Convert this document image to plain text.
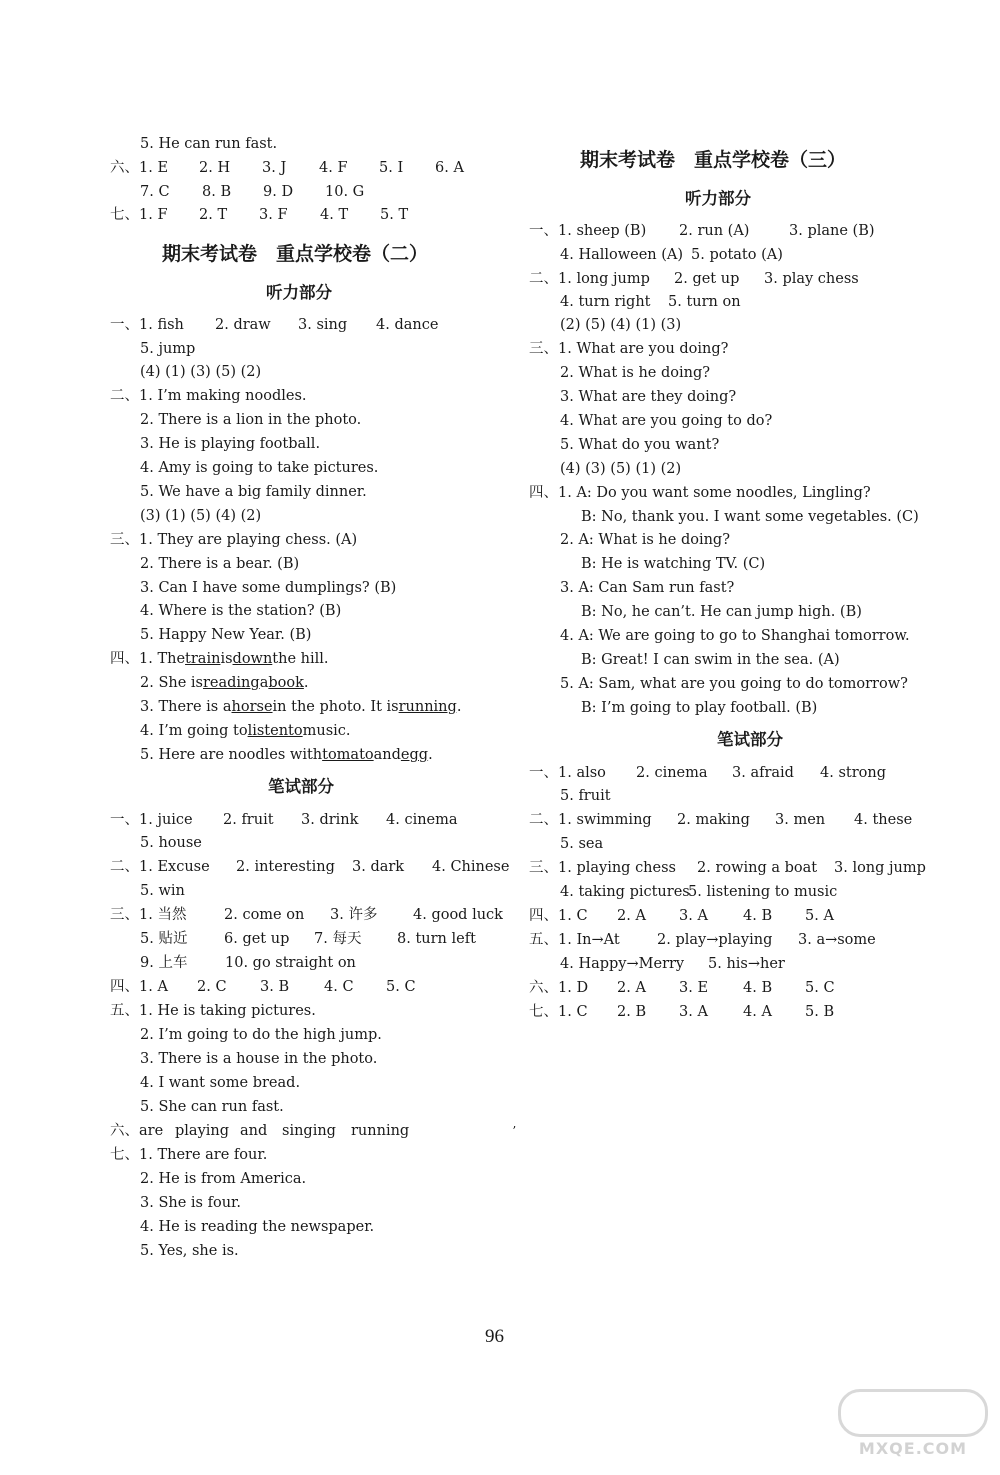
5. He can run fast.
六、1. E 2. H 3. J 4. F 5. I 6. A
7. C 8. B 9. D 10. G
七、1. F 2. T 3. F 4. T 5. T
期末考试卷　重点学校卷（二）
听力部分
一、1. fish 2. draw 3. sing 4. dance
5. jump
(4) (1) (3) (5) (2)
二、1. I’m making noodles.
2. There is a lion in the photo.
3. He is playing football.
4. Amy is going to take pictures.
5. We have a big family dinner.
(3) (1) (5) (4) (2)
三、1. They are playing chess. (A)
2. There is a bear. (B)
3. Can I have some dumplings? (B)
4. Where is the station? (B)
5. Happy New Year. (B)
四、1. Thetrainisdownthe hill.
2. She isreadingabook.
3. There is ahorsein the photo. It isrunning.
4. I’m going tolistentomusic.
5. Here are noodles withtomatoandegg.
笔试部分
一、1. juice 2. fruit 3. drink 4. cinema
5. house
二、1. Excuse 2. interesting 3. dark 4. Chinese
5. win
三、1. 当然	2. come on 3. 许多 4. good luck
5. 贴近	6. get up 7. 每天 8. turn left
9. 上车	10. go straight on
四、1. A 2. C 3. B 4. C 5. C
五、1. He is taking pictures.
2. I’m going to do the high jump.
3. There is a house in the photo.
4. I want some bread.
5. She can run fast.
六、are playing and singing running
七、1. There are four.
2. He is from America.
3. She is four.
4. He is reading the newspaper.
5. Yes, she is.
期末考试卷　重点学校卷（三）
听力部分
一、1. sheep (B) 2. run (A)	3. plane (B)
4. Halloween (A) 5. potato (A)
二、1. long jump 2. get up 3. play chess
4. turn right 5. turn on
(2) (5) (4) (1) (3)
三、1. What are you doing?
2. What is he doing?
3. What are they doing?
4. What are you going to do?
5. What do you want?
(4) (3) (5) (1) (2)
四、1. A: Do you want some noodles, Lingling?
B: No, thank you. I want some vegetables. (C)
2. A: What is he doing?
B: He is watching TV. (C)
3. A: Can Sam run fast?
B: No, he can’t. He can jump high. (B)
4. A: We are going to go to Shanghai tomorrow.
B: Great! I can swim in the sea. (A)
5. A: Sam, what are you going to do tomorrow?
B: I’m going to play football. (B)
笔试部分
一、1. also 2. cinema 3. afraid 4. strong
5. fruit
二、1. swimming 2. making 3. men 4. these
5. sea
三、1. playing chess 2. rowing a boat 3. long jump
4. taking pictures5. listening to music
四、1. C 2. A 3. A 4. B 5. A
五、1. In→At	2. play→playing 3. a→some
4. Happy→Merry 5. his→her
六、1. D 2. A 3. E 4. B 5. C
七、1. C 2. B 3. A 4. A 5. B
ʼ
96
MXQE.COM
